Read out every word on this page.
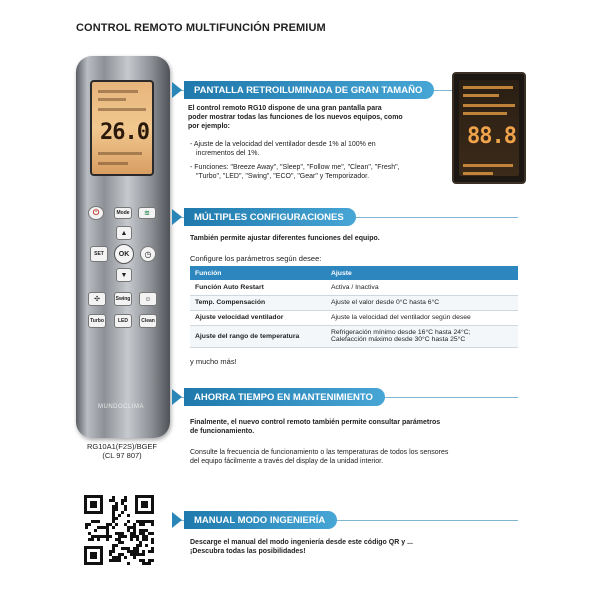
CONTROL REMOTO MULTIFUNCIÓN PREMIUM
26.0
⏻	Mode	≋
▲
▼
SET	◷
OK
✣	Swing	☺
Turbo	LED	Clean
MUNDOCLIMA
RG10A1(F2S)/BGEF
(CL 97 807)
PANTALLA RETROILUMINADA DE GRAN TAMAÑO
El control remoto RG10 dispone de una gran pantalla para
poder mostrar todas las funciones de los nuevos equipos, como
por ejemplo:
- Ajuste de la velocidad del ventilador desde 1% al 100% en
incrementos del 1%.
- Funciones: "Breeze Away", "Sleep", "Follow me", "Clean", "Fresh",
"Turbo", "LED", "Swing", "ECO", "Gear" y Temporizador.
88.8
MÚLTIPLES CONFIGURACIONES
También permite ajustar diferentes funciones del equipo.
Configure los parámetros según desee:
Función	Ajuste
Función Auto Restart	Activa / Inactiva
Temp. Compensación	Ajuste el valor desde 0°C hasta 6°C
Ajuste velocidad ventilador	Ajuste la velocidad del ventilador según desee
Ajuste del rango de temperatura	Refrigeración mínimo desde 16°C hasta 24°C;
Calefacción máximo desde 30°C hasta 25°C
y mucho más!
AHORRA TIEMPO EN MANTENIMIENTO
Finalmente, el nuevo control remoto también permite consultar parámetros
de funcionamiento.
Consulte la frecuencia de funcionamiento o las temperaturas de todos los sensores
del equipo fácilmente a través del display de la unidad interior.
MANUAL MODO INGENIERÍA
Descarge el manual del modo ingeniería desde este código QR y ...
¡Descubra todas las posibilidades!
